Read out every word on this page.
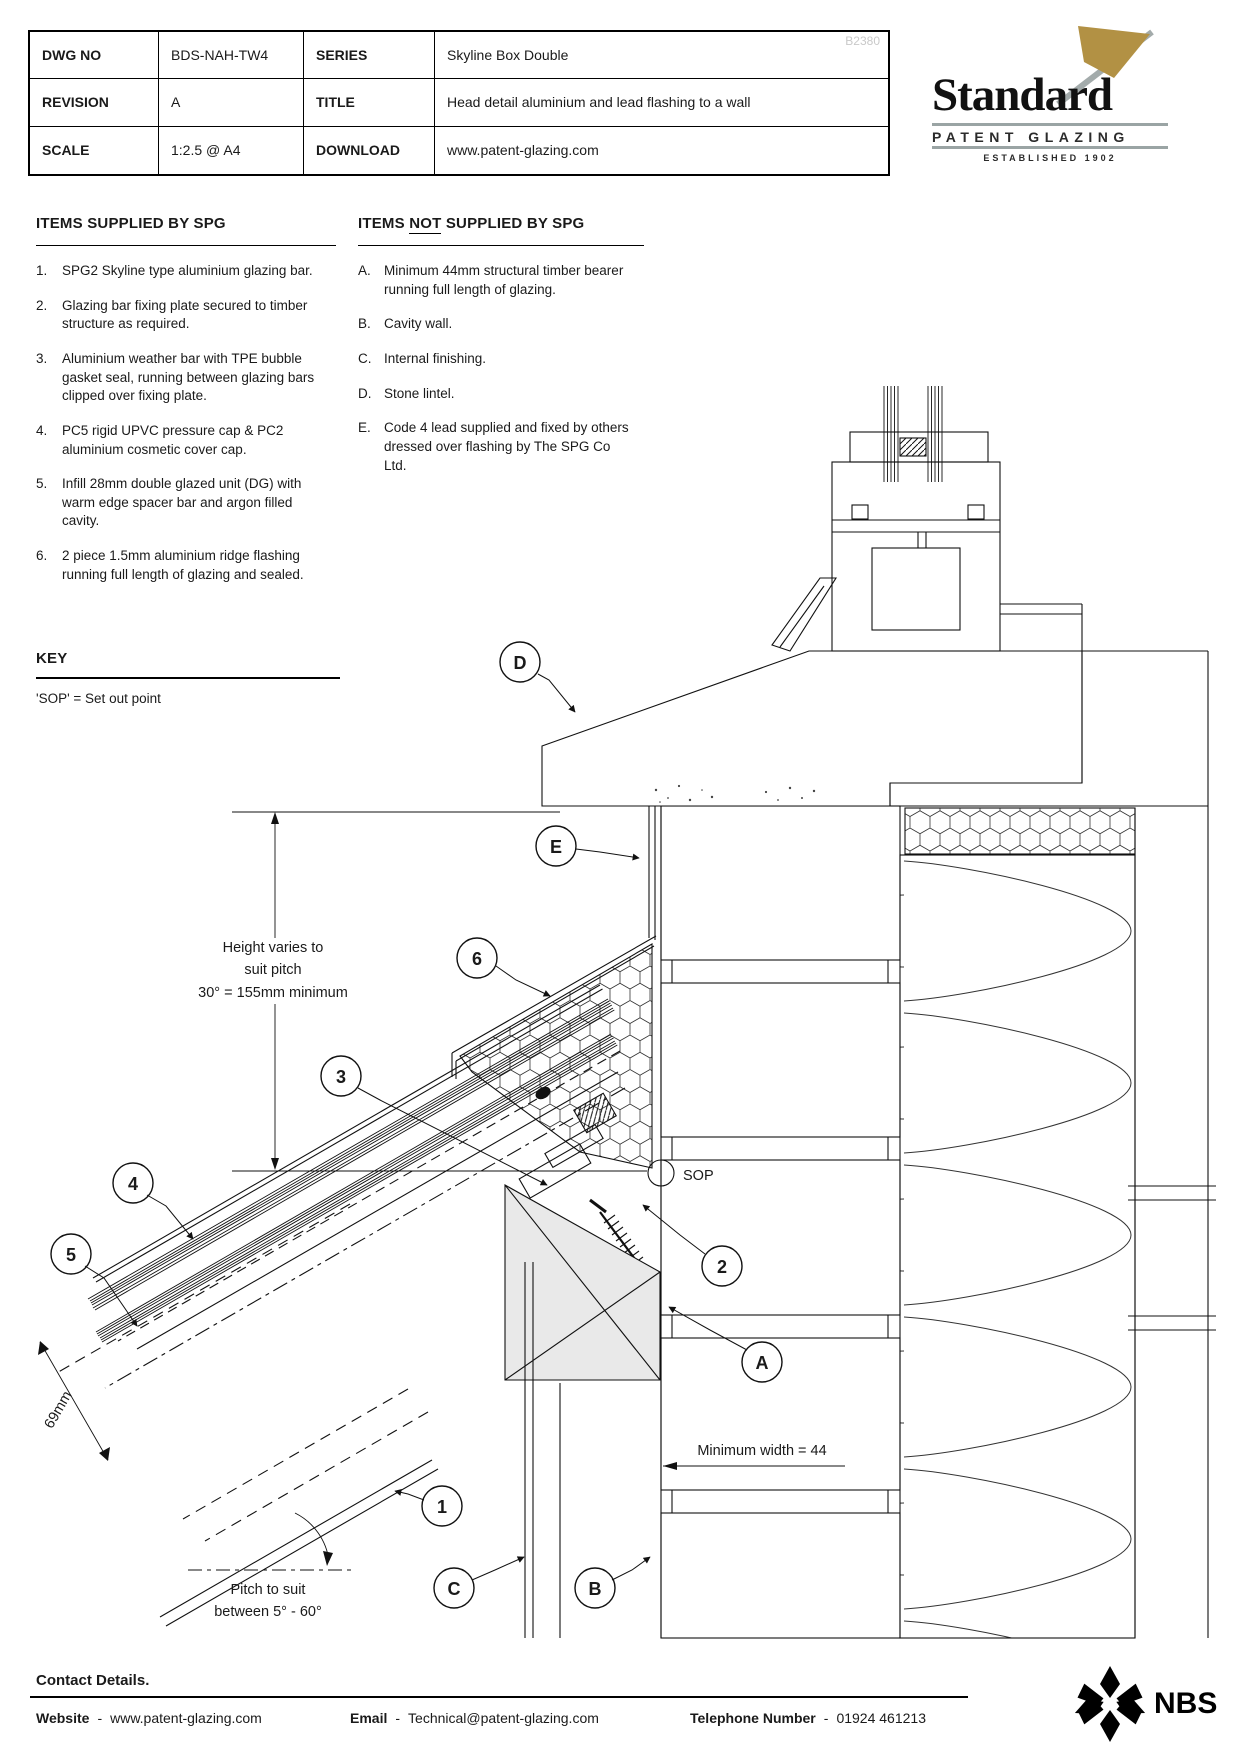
B2380
DWG NO	BDS-NAH-TW4	SERIES	Skyline Box Double
REVISION	A	TITLE	Head detail aluminium and lead flashing to a wall
SCALE	1:2.5 @ A4	DOWNLOAD	www.patent-glazing.com

Standard

PATENT GLAZING
ESTABLISHED 1902
ITEMS SUPPLIED BY SPG
1.	SPG2 Skyline type aluminium glazing bar.
2.	Glazing bar fixing plate secured to timber structure as required.
3.	Aluminium weather bar with TPE bubble gasket seal, running between glazing bars clipped over fixing plate.
4.	PC5 rigid UPVC pressure cap & PC2 aluminium cosmetic cover cap.
5.	Infill 28mm double glazed unit (DG) with warm edge spacer bar and argon filled cavity.
6.	2 piece 1.5mm aluminium ridge flashing running full length of glazing and sealed.
ITEMS NOT SUPPLIED BY SPG
A. Minimum 44mm structural timber bearer running full length of glazing.
B. Cavity wall.
C. Internal finishing.
D. Stone lintel.
E. Code 4 lead supplied and fixed by others dressed over flashing by The SPG Co Ltd.
KEY
'SOP' = Set out point
Height varies to
suit pitch
30° = 155mm minimum
SOP
Minimum width = 44
69mm
Pitch to suit
between 5° - 60°
D
E
6
3
4
5
2
A
1
C	B
Contact Details.
Website - www.patent-glazing.com	Email - Technical@patent-glazing.com	Telephone Number - 01924 461213	NBS
